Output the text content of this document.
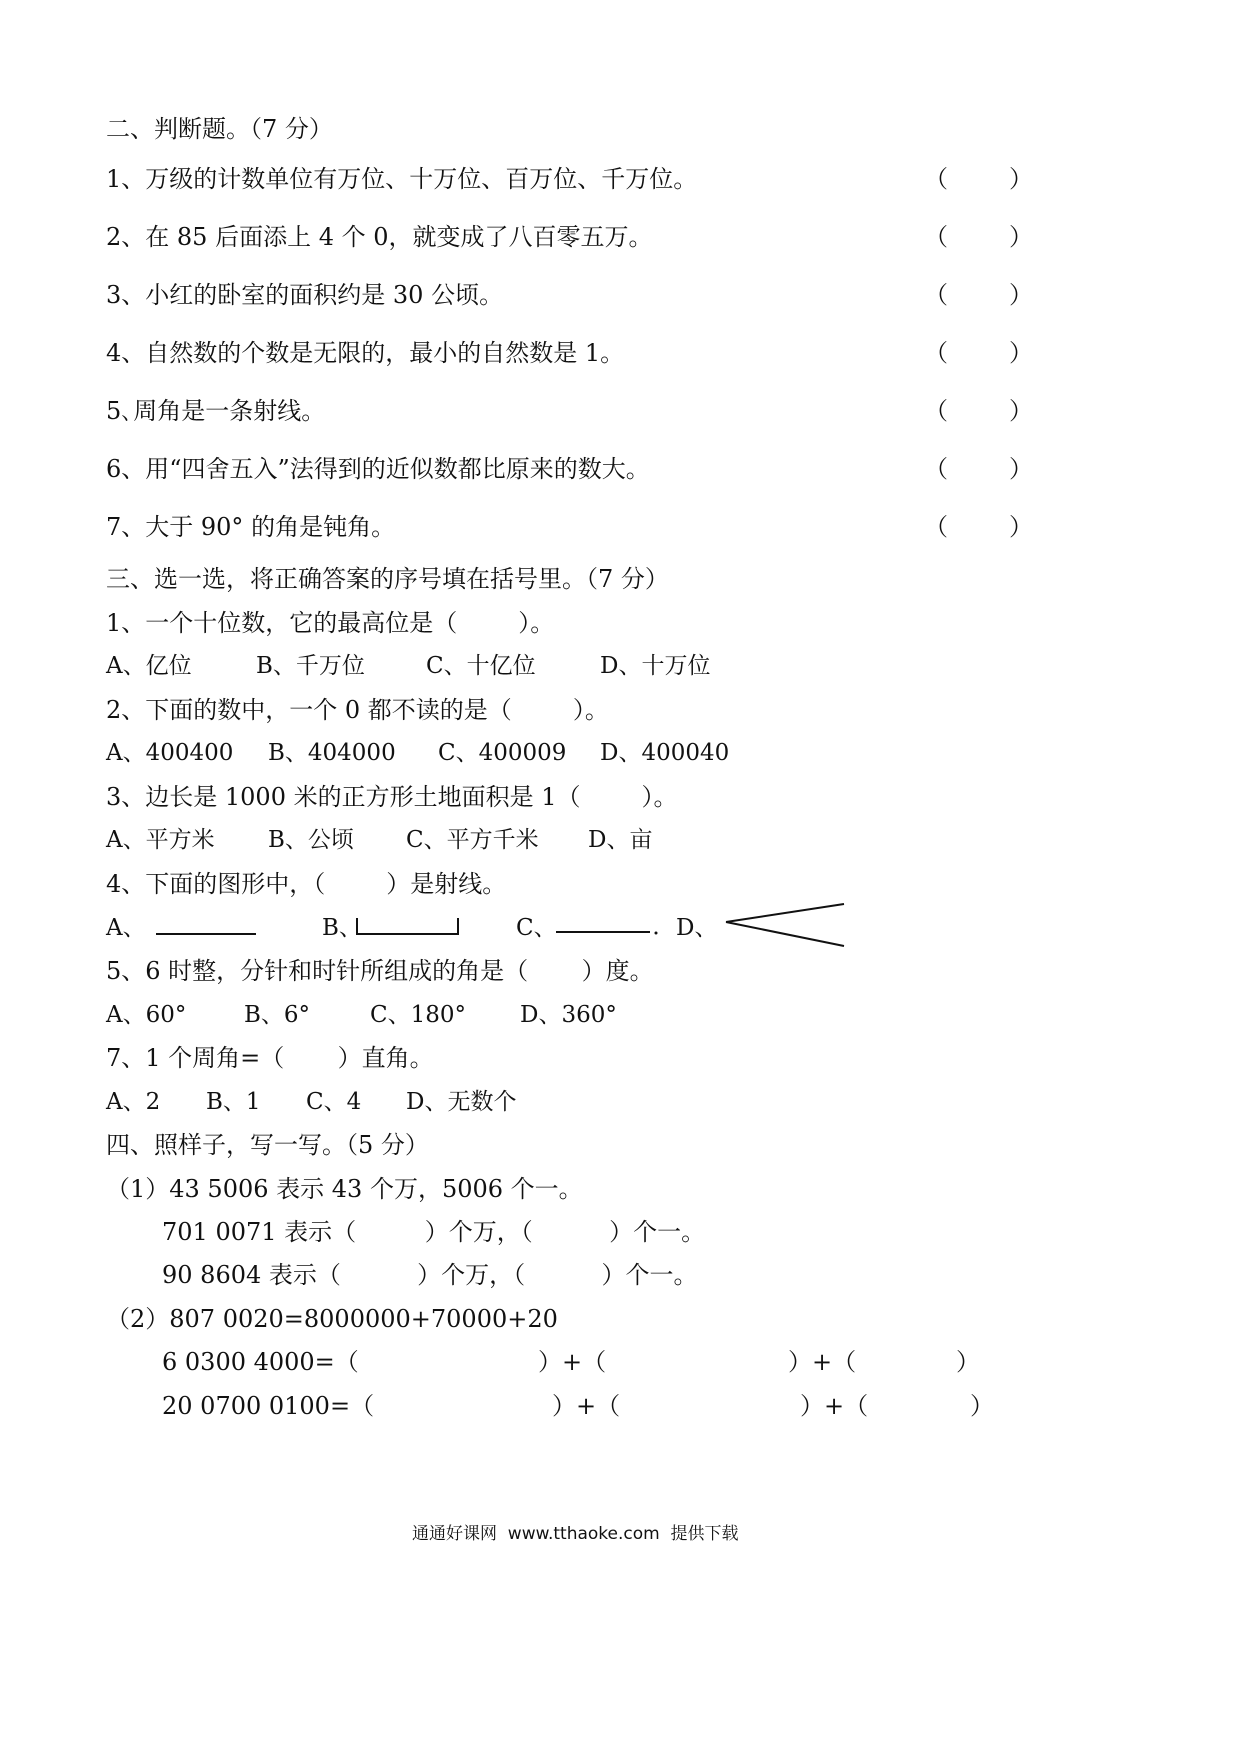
二、判断题。（7 分）
1、万级的计数单位有万位、十万位、百万位、千万位。	（        ）
2、在 85 后面添上 4 个 0，就变成了八百零五万。	（        ）
3、小红的卧室的面积约是 30 公顷。	（        ）
4、自然数的个数是无限的，最小的自然数是 1。	（        ）
5､周角是一条射线。	（        ）
6、用“四舍五入”法得到的近似数都比原来的数大。	（        ）
7、大于 90° 的角是钝角。	（        ）
三、选一选，将正确答案的序号填在括号里。（7 分）
1、一个十位数，它的最高位是（        ）。
A、亿位	B、千万位	C、十亿位	D、十万位
2、下面的数中，一个 0 都不读的是（        ）。
A、400400 B、404000 C、400009 D、400040
3、边长是 1000 米的正方形土地面积是 1（        ）。
A、平方米 B、公顷 C、平方千米 D、亩
4、下面的图形中，（        ）是射线。
A、	B、	C、	D、
5、6 时整，分针和时针所组成的角是（       ）度。
A、60°	B、6°	C、180° D、360°
7、1 个周角=（       ）直角。
A、2 B、1 C、4 D、无数个
四、照样子，写一写。（5 分）
（1）43 5006 表示 43 个万，5006 个一。
701 0071 表示（         ）个万，（          ）个一。
90 8604 表示（          ）个万，（          ）个一。
（2）807 0020=8000000+70000+20
6 0300 4000=（	）+（	）+（	）
20 0700 0100=（	）+（	）+（	）
通通好课网  www.tthaoke.com  提供下载
